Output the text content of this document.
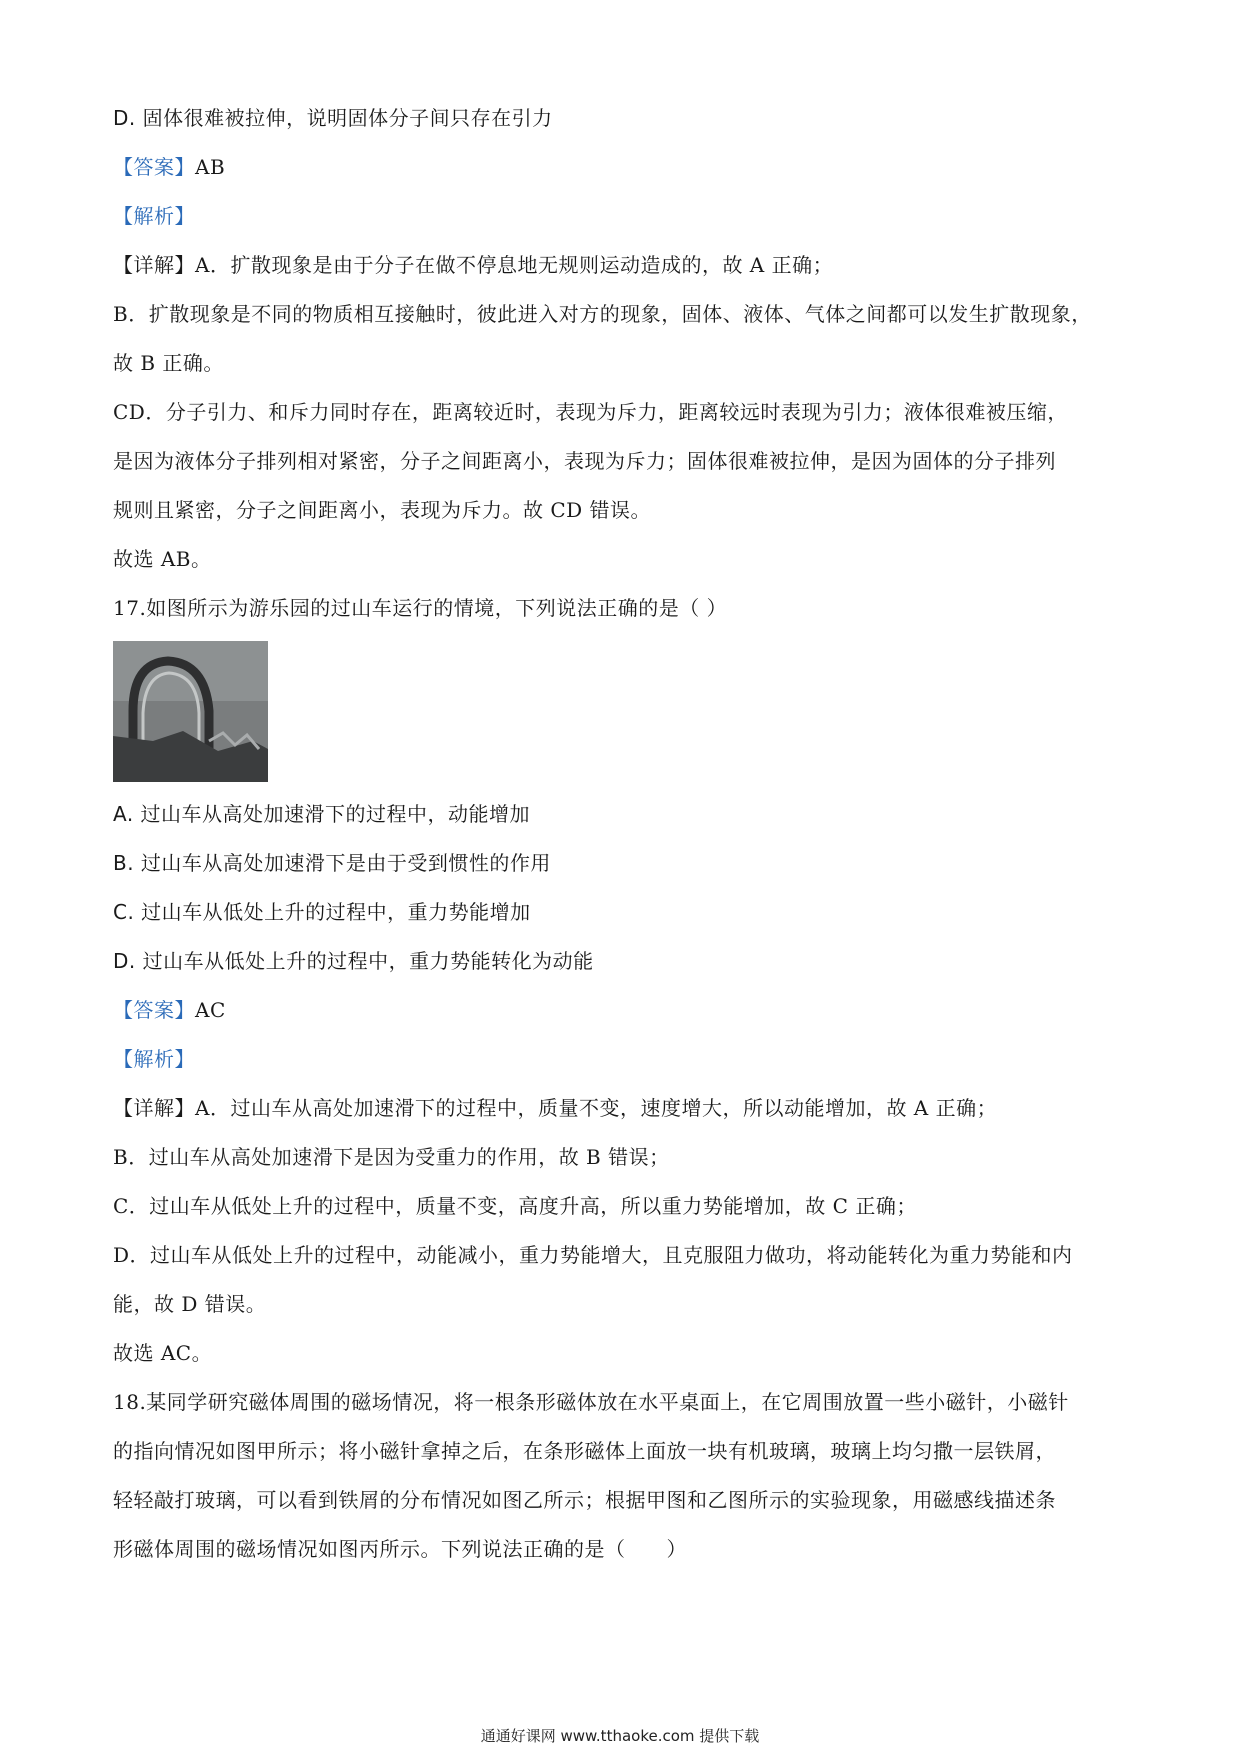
D. 固体很难被拉伸，说明固体分子间只存在引力
【答案】AB
【解析】
【详解】A．扩散现象是由于分子在做不停息地无规则运动造成的，故 A 正确；
B．扩散现象是不同的物质相互接触时，彼此进入对方的现象，固体、液体、气体之间都可以发生扩散现象，
故 B 正确。
CD．分子引力、和斥力同时存在，距离较近时，表现为斥力，距离较远时表现为引力；液体很难被压缩，
是因为液体分子排列相对紧密，分子之间距离小，表现为斥力；固体很难被拉伸，是因为固体的分子排列
规则且紧密，分子之间距离小，表现为斥力。故 CD 错误。
故选 AB。
17.如图所示为游乐园的过山车运行的情境，下列说法正确的是（ ）
A. 过山车从高处加速滑下的过程中，动能增加
B. 过山车从高处加速滑下是由于受到惯性的作用
C. 过山车从低处上升的过程中，重力势能增加
D. 过山车从低处上升的过程中，重力势能转化为动能
【答案】AC
【解析】
【详解】A．过山车从高处加速滑下的过程中，质量不变，速度增大，所以动能增加，故 A 正确；
B．过山车从高处加速滑下是因为受重力的作用，故 B 错误；
C．过山车从低处上升的过程中，质量不变，高度升高，所以重力势能增加，故 C 正确；
D．过山车从低处上升的过程中，动能减小，重力势能增大，且克服阻力做功，将动能转化为重力势能和内
能，故 D 错误。
故选 AC。
18.某同学研究磁体周围的磁场情况，将一根条形磁体放在水平桌面上，在它周围放置一些小磁针，小磁针
的指向情况如图甲所示；将小磁针拿掉之后，在条形磁体上面放一块有机玻璃，玻璃上均匀撒一层铁屑，
轻轻敲打玻璃，可以看到铁屑的分布情况如图乙所示；根据甲图和乙图所示的实验现象，用磁感线描述条
形磁体周围的磁场情况如图丙所示。下列说法正确的是（　　）
通通好课网 www.tthaoke.com 提供下载
